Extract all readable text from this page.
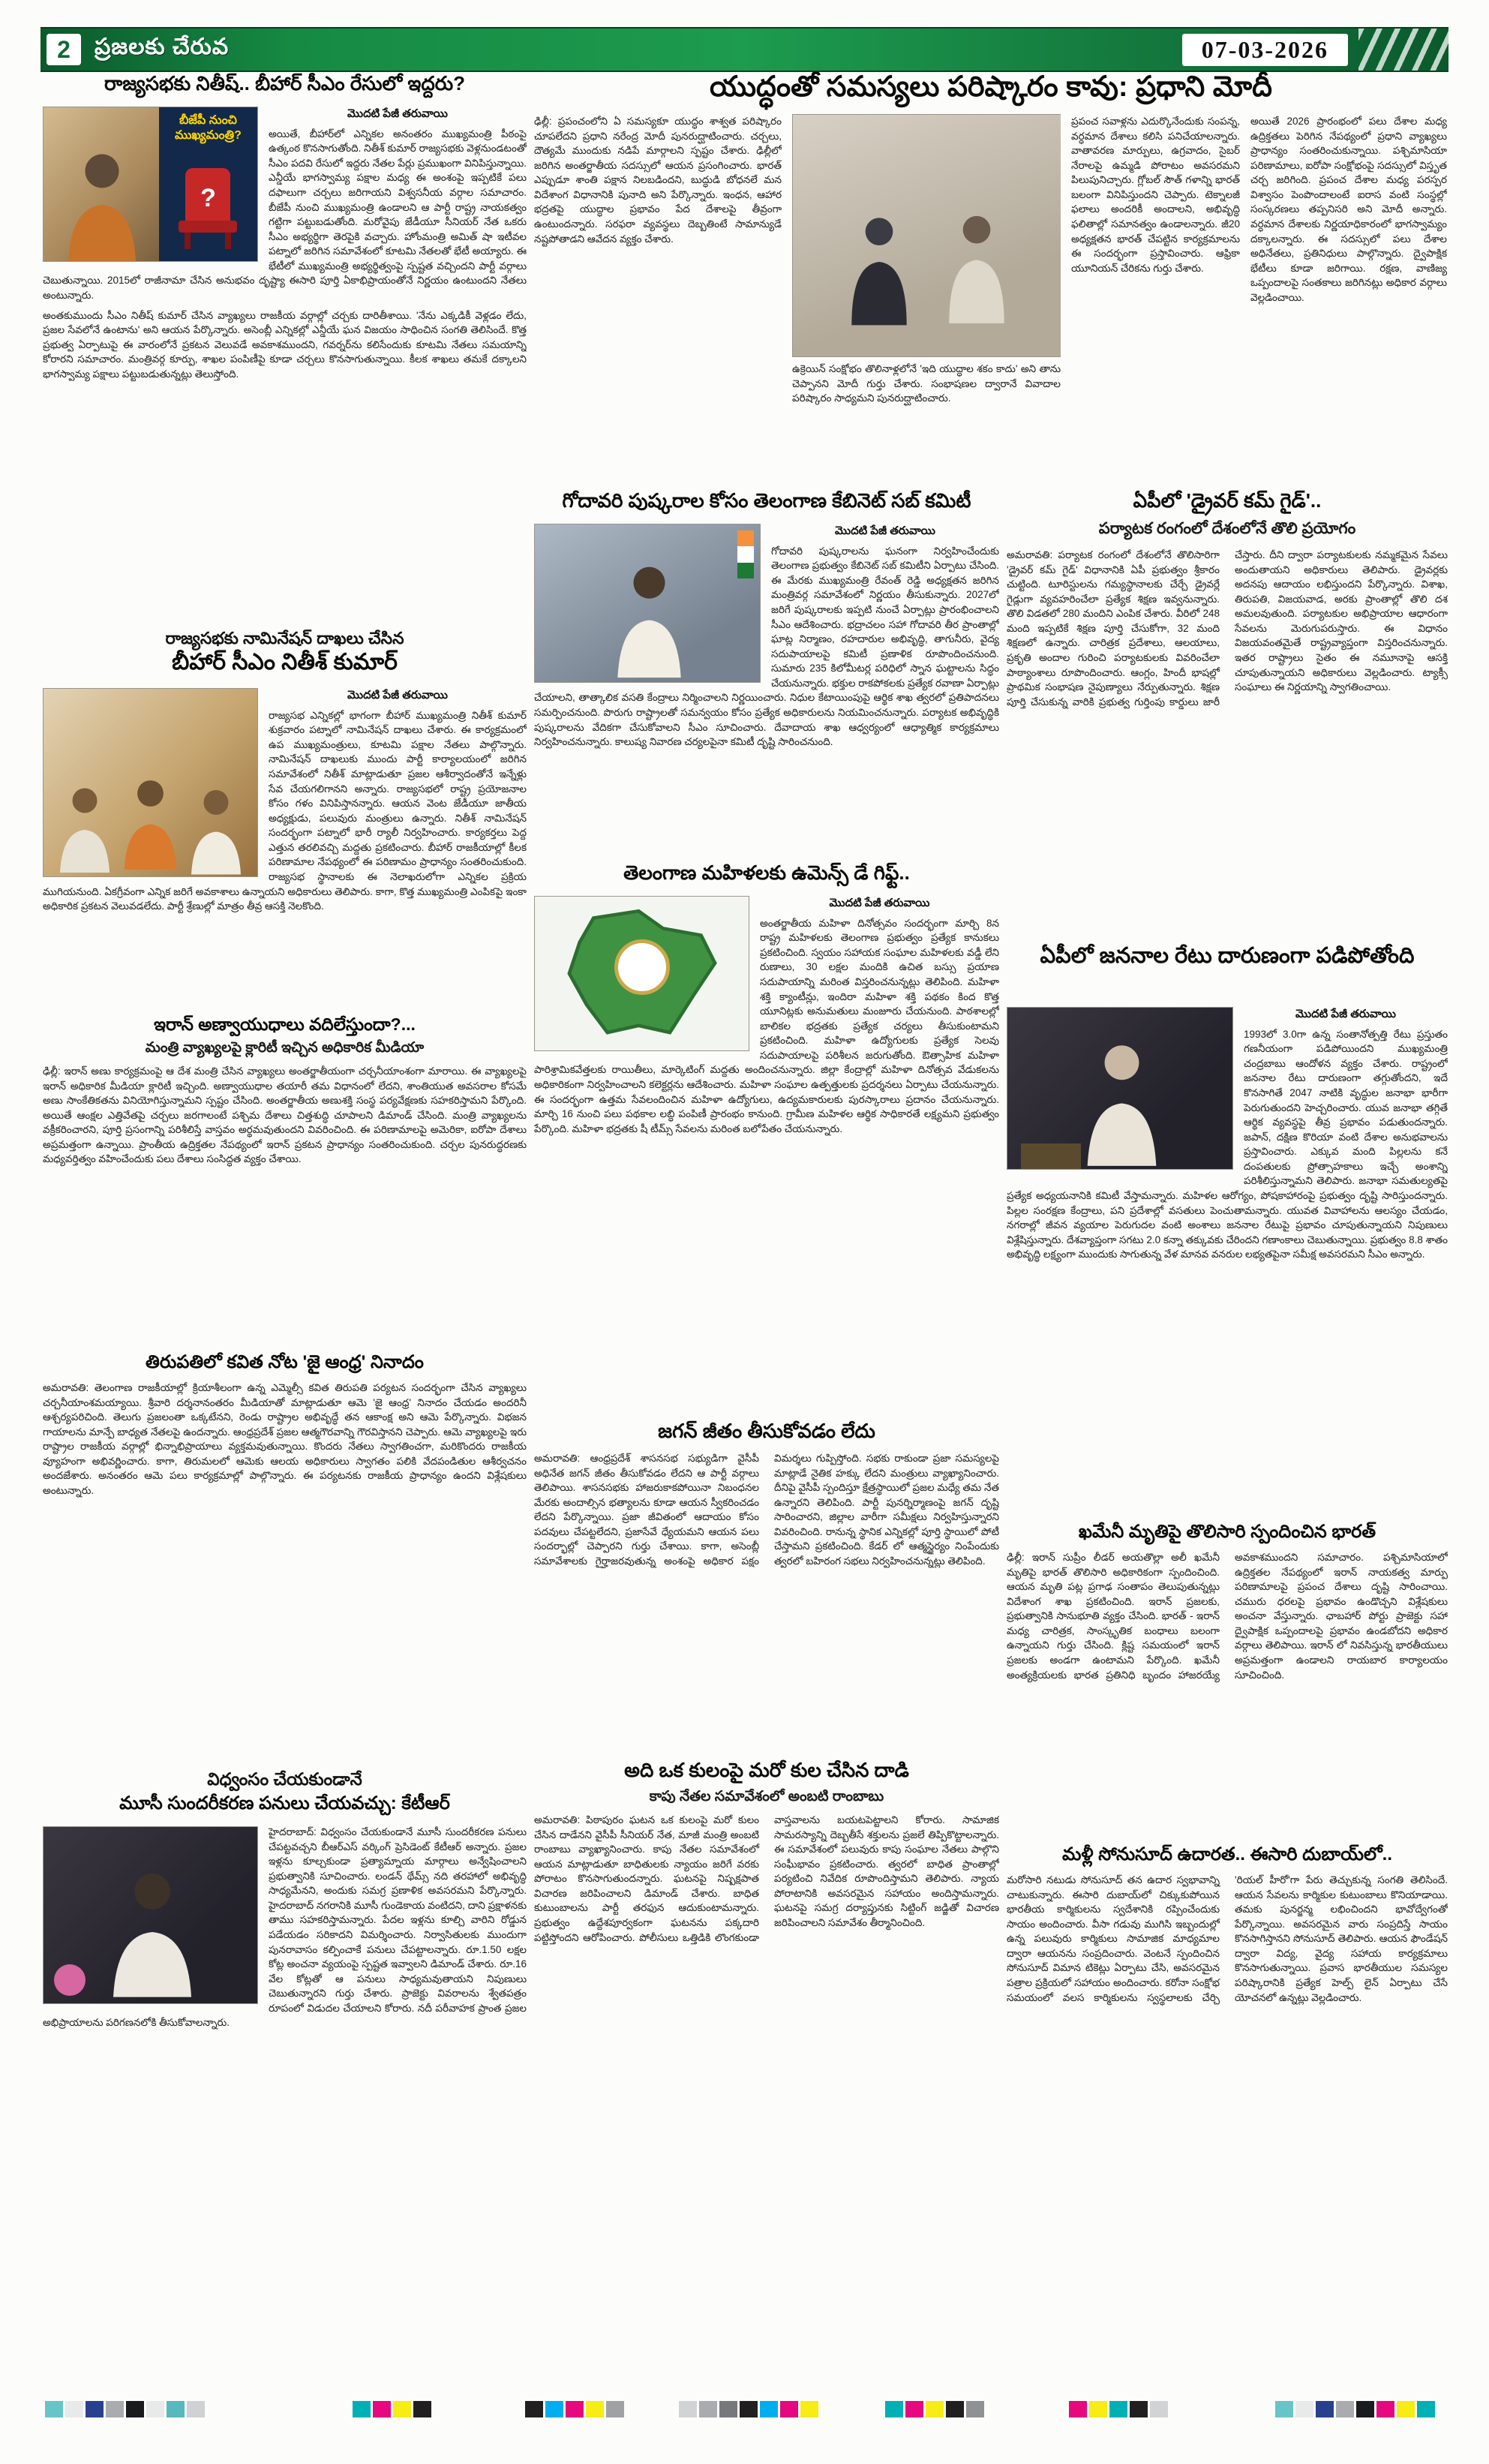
2	ప్రజలకు చేరువ	07-03-2026
రాజ్యసభకు నితీష్.. బీహార్ సీఎం రేసులో ఇద్దరు?
బీజేపీ నుంచి ముఖ్యమంత్రి?
?
మొదటి పేజీ తరువాయి

అయితే, బీహార్‌లో ఎన్నికల అనంతరం ముఖ్యమంత్రి పీఠంపై ఉత్కంఠ కొనసాగుతోంది. నితీశ్ కుమార్ రాజ్యసభకు వెళ్లనుండటంతో సీఎం పదవి రేసులో ఇద్దరు నేతల పేర్లు ప్రముఖంగా వినిపిస్తున్నాయి. ఎన్డీయే భాగస్వామ్య పక్షాల మధ్య ఈ అంశంపై ఇప్పటికే పలు దఫాలుగా చర్చలు జరిగాయని విశ్వసనీయ వర్గాల సమాచారం. బీజేపీ నుంచి ముఖ్యమంత్రి ఉండాలని ఆ పార్టీ రాష్ట్ర నాయకత్వం గట్టిగా పట్టుబడుతోంది. మరోవైపు జేడీయూ సీనియర్ నేత ఒకరు సీఎం అభ్యర్థిగా తెరపైకి వచ్చారు. హోంమంత్రి అమిత్ షా ఇటీవల పట్నాలో జరిగిన సమావేశంలో కూటమి నేతలతో భేటీ అయ్యారు. ఈ భేటీలో ముఖ్యమంత్రి అభ్యర్థిత్వంపై స్పష్టత వచ్చిందని పార్టీ వర్గాలు చెబుతున్నాయి. 2015లో రాజీనామా చేసిన అనుభవం దృష్ట్యా ఈసారి పూర్తి ఏకాభిప్రాయంతోనే నిర్ణయం ఉంటుందని నేతలు అంటున్నారు.

అంతకుముందు సీఎం నితీష్ కుమార్ చేసిన వ్యాఖ్యలు రాజకీయ వర్గాల్లో చర్చకు దారితీశాయి. 'నేను ఎక్కడికీ వెళ్లడం లేదు, ప్రజల సేవలోనే ఉంటాను' అని ఆయన పేర్కొన్నారు. అసెంబ్లీ ఎన్నికల్లో ఎన్డీయే ఘన విజయం సాధించిన సంగతి తెలిసిందే. కొత్త ప్రభుత్వ ఏర్పాటుపై ఈ వారంలోనే ప్రకటన వెలువడే అవకాశముందని, గవర్నర్‌ను కలిసేందుకు కూటమి నేతలు సమయాన్ని కోరారని సమాచారం. మంత్రివర్గ కూర్పు, శాఖల పంపిణీపై కూడా చర్చలు కొనసాగుతున్నాయి. కీలక శాఖలు తమకే దక్కాలని భాగస్వామ్య పక్షాలు పట్టుబడుతున్నట్లు తెలుస్తోంది.

రాజ్యసభకు నామినేషన్ దాఖలు చేసిన
బీహార్ సీఎం నితీశ్ కుమార్
మొదటి పేజీ తరువాయి

రాజ్యసభ ఎన్నికల్లో భాగంగా బీహార్ ముఖ్యమంత్రి నితీశ్ కుమార్ శుక్రవారం పట్నాలో నామినేషన్ దాఖలు చేశారు. ఈ కార్యక్రమంలో ఉప ముఖ్యమంత్రులు, కూటమి పక్షాల నేతలు పాల్గొన్నారు. నామినేషన్ దాఖలుకు ముందు పార్టీ కార్యాలయంలో జరిగిన సమావేశంలో నితీశ్ మాట్లాడుతూ ప్రజల ఆశీర్వాదంతోనే ఇన్నేళ్లు సేవ చేయగలిగానని అన్నారు. రాజ్యసభలో రాష్ట్ర ప్రయోజనాల కోసం గళం వినిపిస్తానన్నారు. ఆయన వెంట జేడీయూ జాతీయ అధ్యక్షుడు, పలువురు మంత్రులు ఉన్నారు. నితీశ్ నామినేషన్ సందర్భంగా పట్నాలో భారీ ర్యాలీ నిర్వహించారు. కార్యకర్తలు పెద్ద ఎత్తున తరలివచ్చి మద్దతు ప్రకటించారు. బీహార్ రాజకీయాల్లో కీలక పరిణామాల నేపథ్యంలో ఈ పరిణామం ప్రాధాన్యం సంతరించుకుంది. రాజ్యసభ స్థానాలకు ఈ నెలాఖరులోగా ఎన్నికల ప్రక్రియ ముగియనుంది. ఏకగ్రీవంగా ఎన్నిక జరిగే అవకాశాలు ఉన్నాయని అధికారులు తెలిపారు. కాగా, కొత్త ముఖ్యమంత్రి ఎంపికపై ఇంకా అధికారిక ప్రకటన వెలువడలేదు. పార్టీ శ్రేణుల్లో మాత్రం తీవ్ర ఆసక్తి నెలకొంది.

ఇరాన్ అణ్వాయుధాలు వదిలేస్తుందా?...
మంత్రి వ్యాఖ్యలపై క్లారిటీ ఇచ్చిన అధికారిక మీడియా

ఢిల్లీ: ఇరాన్ అణు కార్యక్రమంపై ఆ దేశ మంత్రి చేసిన వ్యాఖ్యలు అంతర్జాతీయంగా చర్చనీయాంశంగా మారాయి. ఈ వ్యాఖ్యలపై ఇరాన్ అధికారిక మీడియా క్లారిటీ ఇచ్చింది. అణ్వాయుధాల తయారీ తమ విధానంలో లేదని, శాంతియుత అవసరాల కోసమే అణు సాంకేతికతను వినియోగిస్తున్నామని స్పష్టం చేసింది. అంతర్జాతీయ అణుశక్తి సంస్థ పర్యవేక్షణకు సహకరిస్తామని పేర్కొంది. అయితే ఆంక్షల ఎత్తివేతపై చర్చలు జరగాలంటే పశ్చిమ దేశాలు చిత్తశుద్ధి చూపాలని డిమాండ్ చేసింది. మంత్రి వ్యాఖ్యలను వక్రీకరించారని, పూర్తి ప్రసంగాన్ని పరిశీలిస్తే వాస్తవం అర్థమవుతుందని వివరించింది. ఈ పరిణామాలపై అమెరికా, ఐరోపా దేశాలు అప్రమత్తంగా ఉన్నాయి. ప్రాంతీయ ఉద్రిక్తతల నేపథ్యంలో ఇరాన్ ప్రకటన ప్రాధాన్యం సంతరించుకుంది. చర్చల పునరుద్ధరణకు మధ్యవర్తిత్వం వహించేందుకు పలు దేశాలు సంసిద్ధత వ్యక్తం చేశాయి.

తిరుపతిలో కవిత నోట 'జై ఆంధ్ర' నినాదం

అమరావతి: తెలంగాణ రాజకీయాల్లో క్రియాశీలంగా ఉన్న ఎమ్మెల్సీ కవిత తిరుపతి పర్యటన సందర్భంగా చేసిన వ్యాఖ్యలు చర్చనీయాంశమయ్యాయి. శ్రీవారి దర్శనానంతరం మీడియాతో మాట్లాడుతూ ఆమె 'జై ఆంధ్ర' నినాదం చేయడం అందరినీ ఆశ్చర్యపరిచింది. తెలుగు ప్రజలంతా ఒక్కటేనని, రెండు రాష్ట్రాల అభివృద్ధే తన ఆకాంక్ష అని ఆమె పేర్కొన్నారు. విభజన గాయాలను మాన్పే బాధ్యత నేతలపై ఉందన్నారు. ఆంధ్రప్రదేశ్ ప్రజల ఆత్మగౌరవాన్ని గౌరవిస్తానని చెప్పారు. ఆమె వ్యాఖ్యలపై ఇరు రాష్ట్రాల రాజకీయ వర్గాల్లో భిన్నాభిప్రాయాలు వ్యక్తమవుతున్నాయి. కొందరు నేతలు స్వాగతించగా, మరికొందరు రాజకీయ వ్యూహంగా అభివర్ణించారు. కాగా, తిరుమలలో ఆమెకు ఆలయ అధికారులు స్వాగతం పలికి వేదపండితుల ఆశీర్వచనం అందజేశారు. అనంతరం ఆమె పలు కార్యక్రమాల్లో పాల్గొన్నారు. ఈ పర్యటనకు రాజకీయ ప్రాధాన్యం ఉందని విశ్లేషకులు అంటున్నారు.

విధ్వంసం చేయకుండానే
మూసీ సుందరీకరణ పనులు చేయవచ్చు: కేటీఆర్

హైదరాబాద్: విధ్వంసం చేయకుండానే మూసీ సుందరీకరణ పనులు చేపట్టవచ్చని బీఆర్ఎస్ వర్కింగ్ ప్రెసిడెంట్ కేటీఆర్ అన్నారు. ప్రజల ఇళ్లను కూల్చకుండా ప్రత్యామ్నాయ మార్గాలు అన్వేషించాలని ప్రభుత్వానికి సూచించారు. లండన్ థేమ్స్ నది తరహాలో అభివృద్ధి సాధ్యమేనని, అందుకు సమగ్ర ప్రణాళిక అవసరమని పేర్కొన్నారు. హైదరాబాద్ నగరానికి మూసీ గుండెకాయ వంటిదని, దాని ప్రక్షాళనకు తాము సహకరిస్తామన్నారు. పేదల ఇళ్లను కూల్చి వారిని రోడ్డున పడేయడం సరికాదని విమర్శించారు. నిర్వాసితులకు ముందుగా పునరావాసం కల్పించాకే పనులు చేపట్టాలన్నారు. రూ.1.50 లక్షల కోట్ల అంచనా వ్యయంపై స్పష్టత ఇవ్వాలని డిమాండ్ చేశారు. రూ.16 వేల కోట్లతో ఆ పనులు సాధ్యమవుతాయని నిపుణులు చెబుతున్నారని గుర్తు చేశారు. ప్రాజెక్టు వివరాలను శ్వేతపత్రం రూపంలో విడుదల చేయాలని కోరారు. నదీ పరీవాహక ప్రాంత ప్రజల అభిప్రాయాలను పరిగణనలోకి తీసుకోవాలన్నారు.

యుద్ధంతో సమస్యలు పరిష్కారం కావు: ప్రధాని మోదీ

ఢిల్లీ: ప్రపంచంలోని ఏ సమస్యకూ యుద్ధం శాశ్వత పరిష్కారం చూపలేదని ప్రధాని నరేంద్ర మోదీ పునరుద్ఘాటించారు. చర్చలు, దౌత్యమే ముందుకు నడిపే మార్గాలని స్పష్టం చేశారు. ఢిల్లీలో జరిగిన అంతర్జాతీయ సదస్సులో ఆయన ప్రసంగించారు. భారత్ ఎప్పుడూ శాంతి పక్షాన నిలబడిందని, బుద్ధుడి బోధనలే మన విదేశాంగ విధానానికి పునాది అని పేర్కొన్నారు. ఇంధన, ఆహార భద్రతపై యుద్ధాల ప్రభావం పేద దేశాలపై తీవ్రంగా ఉంటుందన్నారు. సరఫరా వ్యవస్థలు దెబ్బతింటే సామాన్యుడే నష్టపోతాడని ఆవేదన వ్యక్తం చేశారు.

ఉక్రెయిన్ సంక్షోభం తొలినాళ్లలోనే 'ఇది యుద్ధాల శకం కాదు' అని తాను చెప్పానని మోదీ గుర్తు చేశారు. సంభాషణల ద్వారానే వివాదాల పరిష్కారం సాధ్యమని పునరుద్ఘాటించారు.

ప్రపంచ సవాళ్లను ఎదుర్కొనేందుకు సంపన్న, వర్ధమాన దేశాలు కలిసి పనిచేయాలన్నారు. వాతావరణ మార్పులు, ఉగ్రవాదం, సైబర్ నేరాలపై ఉమ్మడి పోరాటం అవసరమని పిలుపునిచ్చారు. గ్లోబల్ సౌత్ గళాన్ని భారత్ బలంగా వినిపిస్తుందని చెప్పారు. టెక్నాలజీ ఫలాలు అందరికీ అందాలని, అభివృద్ధి ఫలితాల్లో సమానత్వం ఉండాలన్నారు. జీ20 అధ్యక్షతన భారత్ చేపట్టిన కార్యక్రమాలను ఈ సందర్భంగా ప్రస్తావించారు. ఆఫ్రికా యూనియన్ చేరికను గుర్తు చేశారు.

అయితే 2026 ప్రారంభంలో పలు దేశాల మధ్య ఉద్రిక్తతలు పెరిగిన నేపథ్యంలో ప్రధాని వ్యాఖ్యలు ప్రాధాన్యం సంతరించుకున్నాయి. పశ్చిమాసియా పరిణామాలు, ఐరోపా సంక్షోభంపై సదస్సులో విస్తృత చర్చ జరిగింది. ప్రపంచ దేశాల మధ్య పరస్పర విశ్వాసం పెంపొందాలంటే ఐరాస వంటి సంస్థల్లో సంస్కరణలు తప్పనిసరి అని మోదీ అన్నారు. వర్ధమాన దేశాలకు నిర్ణయాధికారంలో భాగస్వామ్యం దక్కాలన్నారు. ఈ సదస్సులో పలు దేశాల అధినేతలు, ప్రతినిధులు పాల్గొన్నారు. ద్వైపాక్షిక భేటీలు కూడా జరిగాయి. రక్షణ, వాణిజ్య ఒప్పందాలపై సంతకాలు జరిగినట్లు అధికార వర్గాలు వెల్లడించాయి.

గోదావరి పుష్కరాల కోసం తెలంగాణ కేబినెట్ సబ్ కమిటీ
మొదటి పేజీ తరువాయి

గోదావరి పుష్కరాలను ఘనంగా నిర్వహించేందుకు తెలంగాణ ప్రభుత్వం కేబినెట్ సబ్ కమిటీని ఏర్పాటు చేసింది. ఈ మేరకు ముఖ్యమంత్రి రేవంత్ రెడ్డి అధ్యక్షతన జరిగిన మంత్రివర్గ సమావేశంలో నిర్ణయం తీసుకున్నారు. 2027లో జరిగే పుష్కరాలకు ఇప్పటి నుంచే ఏర్పాట్లు ప్రారంభించాలని సీఎం ఆదేశించారు. భద్రాచలం సహా గోదావరి తీర ప్రాంతాల్లో ఘాట్ల నిర్మాణం, రహదారుల అభివృద్ధి, తాగునీరు, వైద్య సదుపాయాలపై కమిటీ ప్రణాళిక రూపొందించనుంది. సుమారు 235 కిలోమీటర్ల పరిధిలో స్నాన ఘట్టాలను సిద్ధం చేయనున్నారు. భక్తుల రాకపోకలకు ప్రత్యేక రవాణా ఏర్పాట్లు చేయాలని, తాత్కాలిక వసతి కేంద్రాలు నిర్మించాలని నిర్ణయించారు. నిధుల కేటాయింపుపై ఆర్థిక శాఖ త్వరలో ప్రతిపాదనలు సమర్పించనుంది. పొరుగు రాష్ట్రాలతో సమన్వయం కోసం ప్రత్యేక అధికారులను నియమించనున్నారు. పర్యాటక అభివృద్ధికి పుష్కరాలను వేదికగా చేసుకోవాలని సీఎం సూచించారు. దేవాదాయ శాఖ ఆధ్వర్యంలో ఆధ్యాత్మిక కార్యక్రమాలు నిర్వహించనున్నారు. కాలుష్య నివారణ చర్యలపైనా కమిటీ దృష్టి సారించనుంది.

తెలంగాణ మహిళలకు ఉమెన్స్ డే గిఫ్ట్..
మొదటి పేజీ తరువాయి

అంతర్జాతీయ మహిళా దినోత్సవం సందర్భంగా మార్చి 8న రాష్ట్ర మహిళలకు తెలంగాణ ప్రభుత్వం ప్రత్యేక కానుకలు ప్రకటించింది. స్వయం సహాయక సంఘాల మహిళలకు వడ్డీ లేని రుణాలు, 30 లక్షల మందికి ఉచిత బస్సు ప్రయాణ సదుపాయాన్ని మరింత విస్తరించనున్నట్లు తెలిపింది. మహిళా శక్తి క్యాంటీన్లు, ఇందిరా మహిళా శక్తి పథకం కింద కొత్త యూనిట్లకు అనుమతులు మంజూరు చేయనుంది. పాఠశాలల్లో బాలికల భద్రతకు ప్రత్యేక చర్యలు తీసుకుంటామని ప్రకటించింది. మహిళా ఉద్యోగులకు ప్రత్యేక సెలవు సదుపాయాలపై పరిశీలన జరుగుతోంది. ఔత్సాహిక మహిళా పారిశ్రామికవేత్తలకు రాయితీలు, మార్కెటింగ్ మద్దతు అందించనున్నారు. జిల్లా కేంద్రాల్లో మహిళా దినోత్సవ వేడుకలను అధికారికంగా నిర్వహించాలని కలెక్టర్లను ఆదేశించారు. మహిళా సంఘాల ఉత్పత్తులకు ప్రదర్శనలు ఏర్పాటు చేయనున్నారు. ఈ సందర్భంగా ఉత్తమ సేవలందించిన మహిళా ఉద్యోగులు, ఉద్యమకారులకు పురస్కారాలు ప్రదానం చేయనున్నారు. మార్చి 16 నుంచి పలు పథకాల లబ్ధి పంపిణీ ప్రారంభం కానుంది. గ్రామీణ మహిళల ఆర్థిక సాధికారతే లక్ష్యమని ప్రభుత్వం పేర్కొంది. మహిళా భద్రతకు షీ టీమ్స్ సేవలను మరింత బలోపేతం చేయనున్నారు.

జగన్ జీతం తీసుకోవడం లేదు

అమరావతి: ఆంధ్రప్రదేశ్ శాసనసభ సభ్యుడిగా వైసీపీ అధినేత జగన్ జీతం తీసుకోవడం లేదని ఆ పార్టీ వర్గాలు తెలిపాయి. శాసనసభకు హాజరుకాకపోయినా నిబంధనల మేరకు అందాల్సిన భత్యాలను కూడా ఆయన స్వీకరించడం లేదని పేర్కొన్నాయి. ప్రజా జీవితంలో ఆదాయం కోసం పదవులు చేపట్టలేదని, ప్రజాసేవే ధ్యేయమని ఆయన పలు సందర్భాల్లో చెప్పారని గుర్తు చేశాయి. కాగా, అసెంబ్లీ సమావేశాలకు గైర్హాజరవుతున్న అంశంపై అధికార పక్షం విమర్శలు గుప్పిస్తోంది. సభకు రాకుండా ప్రజా సమస్యలపై మాట్లాడే నైతిక హక్కు లేదని మంత్రులు వ్యాఖ్యానించారు. దీనిపై వైసీపీ స్పందిస్తూ క్షేత్రస్థాయిలో ప్రజల మధ్యే తమ నేత ఉన్నారని తెలిపింది. పార్టీ పునర్నిర్మాణంపై జగన్ దృష్టి సారించారని, జిల్లాల వారీగా సమీక్షలు నిర్వహిస్తున్నారని వివరించింది. రానున్న స్థానిక ఎన్నికల్లో పూర్తి స్థాయిలో పోటీ చేస్తామని ప్రకటించింది. కేడర్ లో ఆత్మస్థైర్యం నింపేందుకు త్వరలో బహిరంగ సభలు నిర్వహించనున్నట్లు తెలిపింది.

అది ఒక కులంపై మరో కుల చేసిన దాడి
కాపు నేతల సమావేశంలో అంబటి రాంబాబు

అమరావతి: పిఠాపురం ఘటన ఒక కులంపై మరో కులం చేసిన దాడేనని వైసీపీ సీనియర్ నేత, మాజీ మంత్రి అంబటి రాంబాబు వ్యాఖ్యానించారు. కాపు నేతల సమావేశంలో ఆయన మాట్లాడుతూ బాధితులకు న్యాయం జరిగే వరకు పోరాటం కొనసాగుతుందన్నారు. ఘటనపై నిష్పక్షపాత విచారణ జరిపించాలని డిమాండ్ చేశారు. బాధిత కుటుంబాలను పార్టీ తరఫున ఆదుకుంటామన్నారు. ప్రభుత్వం ఉద్దేశపూర్వకంగా ఘటనను పక్కదారి పట్టిస్తోందని ఆరోపించారు. పోలీసులు ఒత్తిడికి లొంగకుండా వాస్తవాలను బయటపెట్టాలని కోరారు. సామాజిక సామరస్యాన్ని దెబ్బతీసే శక్తులను ప్రజలే తిప్పికొట్టాలన్నారు. ఈ సమావేశంలో పలువురు కాపు సంఘాల నేతలు పాల్గొని సంఘీభావం ప్రకటించారు. త్వరలో బాధిత ప్రాంతాల్లో పర్యటించి నివేదిక రూపొందిస్తామని తెలిపారు. న్యాయ పోరాటానికి అవసరమైన సహాయం అందిస్తామన్నారు. ఘటనపై సమగ్ర దర్యాప్తునకు సిట్టింగ్ జడ్జితో విచారణ జరిపించాలని సమావేశం తీర్మానించింది.

ఏపీలో 'డ్రైవర్ కమ్ గైడ్'..
పర్యాటక రంగంలో దేశంలోనే తొలి ప్రయోగం

అమరావతి: పర్యాటక రంగంలో దేశంలోనే తొలిసారిగా 'డ్రైవర్ కమ్ గైడ్' విధానానికి ఏపీ ప్రభుత్వం శ్రీకారం చుట్టింది. టూరిస్టులను గమ్యస్థానాలకు చేర్చే డ్రైవర్లే గైడ్లుగా వ్యవహరించేలా ప్రత్యేక శిక్షణ ఇవ్వనున్నారు. తొలి విడతలో 280 మందిని ఎంపిక చేశారు. వీరిలో 248 మంది ఇప్పటికే శిక్షణ పూర్తి చేసుకోగా, 32 మంది శిక్షణలో ఉన్నారు. చారిత్రక ప్రదేశాలు, ఆలయాలు, ప్రకృతి అందాల గురించి పర్యాటకులకు వివరించేలా పాఠ్యాంశాలు రూపొందించారు. ఆంగ్లం, హిందీ భాషల్లో ప్రాథమిక సంభాషణ నైపుణ్యాలు నేర్పుతున్నారు. శిక్షణ పూర్తి చేసుకున్న వారికి ప్రభుత్వ గుర్తింపు కార్డులు జారీ చేస్తారు. దీని ద్వారా పర్యాటకులకు నమ్మకమైన సేవలు అందుతాయని అధికారులు తెలిపారు. డ్రైవర్లకు అదనపు ఆదాయం లభిస్తుందని పేర్కొన్నారు. విశాఖ, తిరుపతి, విజయవాడ, అరకు ప్రాంతాల్లో తొలి దశ అమలవుతుంది. పర్యాటకుల అభిప్రాయాల ఆధారంగా సేవలను మెరుగుపరుస్తారు. ఈ విధానం విజయవంతమైతే రాష్ట్రవ్యాప్తంగా విస్తరించనున్నారు. ఇతర రాష్ట్రాలు సైతం ఈ నమూనాపై ఆసక్తి చూపుతున్నాయని అధికారులు వెల్లడించారు. ట్యాక్సీ సంఘాలు ఈ నిర్ణయాన్ని స్వాగతించాయి.

ఏపీలో జననాల రేటు దారుణంగా పడిపోతోంది
మొదటి పేజీ తరువాయి

1993లో 3.0గా ఉన్న సంతానోత్పత్తి రేటు ప్రస్తుతం గణనీయంగా పడిపోయిందని ముఖ్యమంత్రి చంద్రబాబు ఆందోళన వ్యక్తం చేశారు. రాష్ట్రంలో జననాల రేటు దారుణంగా తగ్గుతోందని, ఇదే కొనసాగితే 2047 నాటికి వృద్ధుల జనాభా భారీగా పెరుగుతుందని హెచ్చరించారు. యువ జనాభా తగ్గితే ఆర్థిక వ్యవస్థపై తీవ్ర ప్రభావం పడుతుందన్నారు. జపాన్, దక్షిణ కొరియా వంటి దేశాల అనుభవాలను ప్రస్తావించారు. ఎక్కువ మంది పిల్లలను కనే దంపతులకు ప్రోత్సాహకాలు ఇచ్చే అంశాన్ని పరిశీలిస్తున్నామని తెలిపారు. జనాభా సమతుల్యతపై ప్రత్యేక అధ్యయనానికి కమిటీ వేస్తామన్నారు. మహిళల ఆరోగ్యం, పోషకాహారంపై ప్రభుత్వం దృష్టి సారిస్తుందన్నారు. పిల్లల సంరక్షణ కేంద్రాలు, పని ప్రదేశాల్లో వసతులు పెంచుతామన్నారు. యువత వివాహాలను ఆలస్యం చేయడం, నగరాల్లో జీవన వ్యయాల పెరుగుదల వంటి అంశాలు జననాల రేటుపై ప్రభావం చూపుతున్నాయని నిపుణులు విశ్లేషిస్తున్నారు. దేశవ్యాప్తంగా సగటు 2.0 కన్నా తక్కువకు చేరిందని గణాంకాలు చెబుతున్నాయి. ప్రభుత్వం 8.8 శాతం అభివృద్ధి లక్ష్యంగా ముందుకు సాగుతున్న వేళ మానవ వనరుల లభ్యతపైనా సమీక్ష అవసరమని సీఎం అన్నారు.

ఖమేనీ మృతిపై తొలిసారి స్పందించిన భారత్

ఢిల్లీ: ఇరాన్ సుప్రీం లీడర్ అయతొల్లా అలీ ఖమేనీ మృతిపై భారత్ తొలిసారి అధికారికంగా స్పందించింది. ఆయన మృతి పట్ల ప్రగాఢ సంతాపం తెలుపుతున్నట్లు విదేశాంగ శాఖ ప్రకటించింది. ఇరాన్ ప్రజలకు, ప్రభుత్వానికి సానుభూతి వ్యక్తం చేసింది. భారత్ - ఇరాన్ మధ్య చారిత్రక, సాంస్కృతిక బంధాలు బలంగా ఉన్నాయని గుర్తు చేసింది. క్లిష్ట సమయంలో ఇరాన్ ప్రజలకు అండగా ఉంటామని పేర్కొంది. ఖమేనీ అంత్యక్రియలకు భారత ప్రతినిధి బృందం హాజరయ్యే అవకాశముందని సమాచారం. పశ్చిమాసియాలో ఉద్రిక్తతల నేపథ్యంలో ఇరాన్ నాయకత్వ మార్పు పరిణామాలపై ప్రపంచ దేశాలు దృష్టి సారించాయి. చమురు ధరలపై ప్రభావం ఉండొచ్చని విశ్లేషకులు అంచనా వేస్తున్నారు. ఛాబహార్ పోర్టు ప్రాజెక్టు సహా ద్వైపాక్షిక ఒప్పందాలపై ప్రభావం ఉండబోదని అధికార వర్గాలు తెలిపాయి. ఇరాన్ లో నివసిస్తున్న భారతీయులు అప్రమత్తంగా ఉండాలని రాయబార కార్యాలయం సూచించింది.

మళ్లీ సోనుసూద్ ఉదారత.. ఈసారి దుబాయ్‌లో..

మరోసారి నటుడు సోనుసూద్ తన ఉదార స్వభావాన్ని చాటుకున్నారు. ఈసారి దుబాయ్‌లో చిక్కుకుపోయిన భారతీయ కార్మికులను స్వదేశానికి రప్పించేందుకు సాయం అందించారు. వీసా గడువు ముగిసి ఇబ్బందుల్లో ఉన్న పలువురు కార్మికులు సామాజిక మాధ్యమాల ద్వారా ఆయనను సంప్రదించారు. వెంటనే స్పందించిన సోనుసూద్ విమాన టికెట్లు ఏర్పాటు చేసి, అవసరమైన పత్రాల ప్రక్రియలో సహాయం అందించారు. కరోనా సంక్షోభ సమయంలో వలస కార్మికులను స్వస్థలాలకు చేర్చి 'రియల్ హీరో'గా పేరు తెచ్చుకున్న సంగతి తెలిసిందే. ఆయన సేవలను కార్మికుల కుటుంబాలు కొనియాడాయి. తమకు పునర్జన్మ లభించిందని భావోద్వేగంతో పేర్కొన్నాయి. అవసరమైన వారు సంప్రదిస్తే సాయం కొనసాగిస్తానని సోనుసూద్ తెలిపారు. ఆయన ఫౌండేషన్ ద్వారా విద్య, వైద్య సహాయ కార్యక్రమాలు కొనసాగుతున్నాయి. ప్రవాస భారతీయుల సమస్యల పరిష్కారానికి ప్రత్యేక హెల్ప్ లైన్ ఏర్పాటు చేసే యోచనలో ఉన్నట్లు వెల్లడించారు.
